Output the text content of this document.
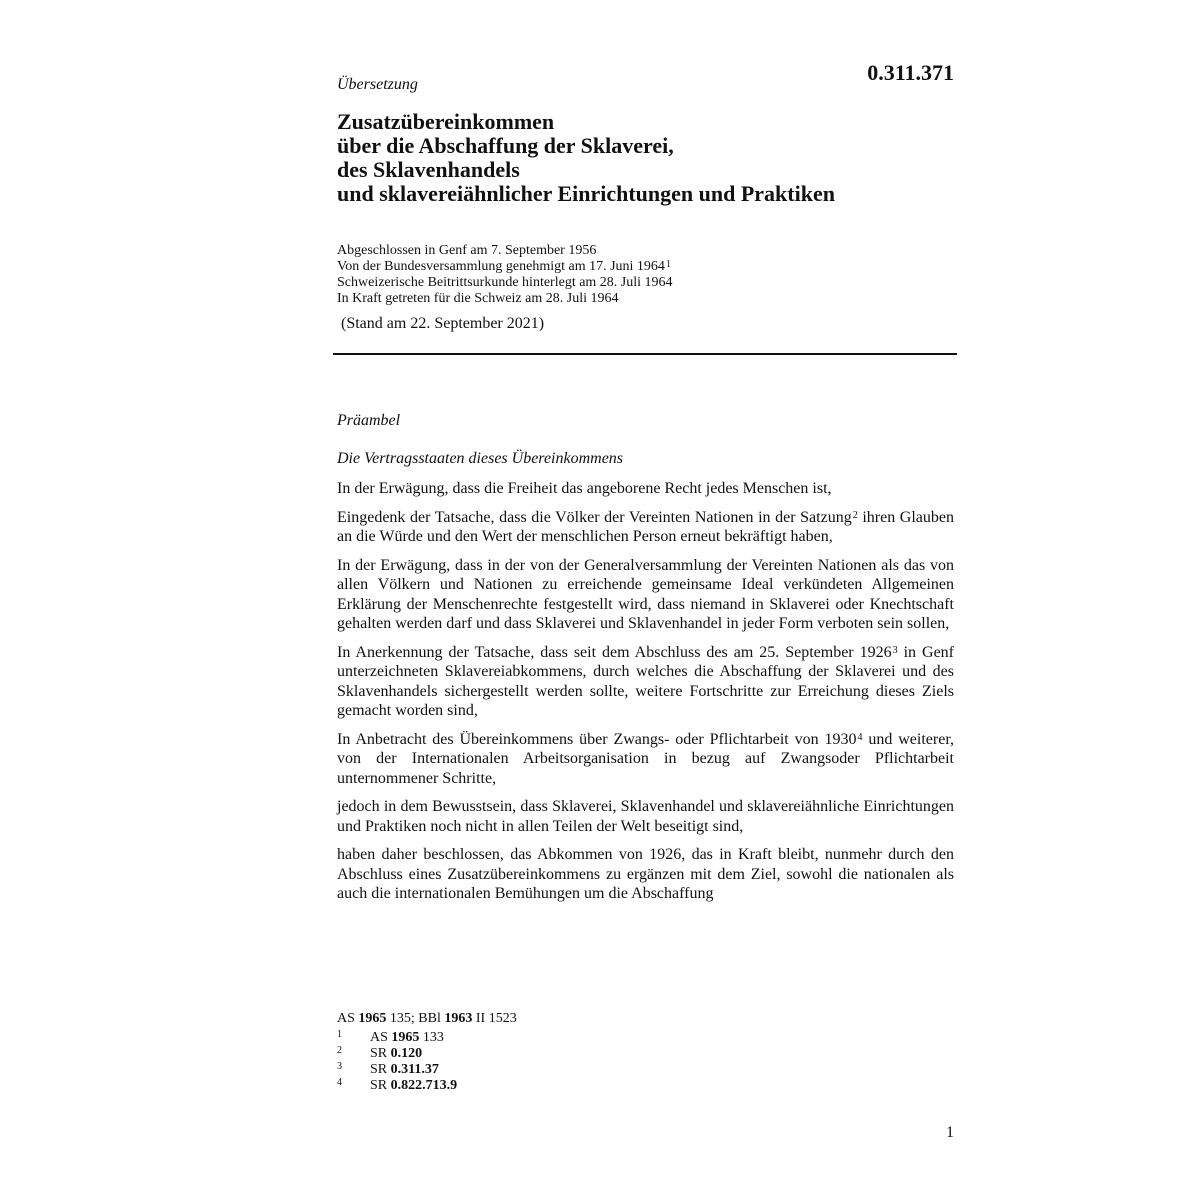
0.311.371
Übersetzung
Zusatzübereinkommen
über die Abschaffung der Sklaverei,
des Sklavenhandels
und sklavereiähnlicher Einrichtungen und Praktiken
Abgeschlossen in Genf am 7. September 1956
Von der Bundesversammlung genehmigt am 17. Juni 1964$^1$
Schweizerische Beitrittsurkunde hinterlegt am 28. Juli 1964
In Kraft getreten für die Schweiz am 28. Juli 1964
(Stand am 22. September 2021)
Präambel
Die Vertragsstaaten dieses Übereinkommens

In der Erwägung, dass die Freiheit das angeborene Recht jedes Menschen ist,

Eingedenk der Tatsache, dass die Völker der Vereinten Nationen in der Satzung$^2$ ihren Glauben an die Würde und den Wert der menschlichen Person erneut bekräftigt haben,

In der Erwägung, dass in der von der Generalversammlung der Vereinten Nationen als das von allen Völkern und Nationen zu erreichende gemeinsame Ideal verkündeten Allgemeinen Erklärung der Menschenrechte festgestellt wird, dass niemand in Sklaverei oder Knechtschaft gehalten werden darf und dass Sklaverei und Sklavenhandel in jeder Form verboten sein sollen,

In Anerkennung der Tatsache, dass seit dem Abschluss des am 25. September 1926$^3$ in Genf unterzeichneten Sklavereiabkommens, durch welches die Abschaffung der Sklaverei und des Sklavenhandels sichergestellt werden sollte, weitere Fortschritte zur Erreichung dieses Ziels gemacht worden sind,

In Anbetracht des Übereinkommens über Zwangs- oder Pflichtarbeit von 1930$^4$ und weiterer, von der Internationalen Arbeitsorganisation in bezug auf Zwangsoder Pflichtarbeit unternommener Schritte,

jedoch in dem Bewusstsein, dass Sklaverei, Sklavenhandel und sklavereiähnliche Einrichtungen und Praktiken noch nicht in allen Teilen der Welt beseitigt sind,

haben daher beschlossen, das Abkommen von 1926, das in Kraft bleibt, nunmehr durch den Abschluss eines Zusatzübereinkommens zu ergänzen mit dem Ziel, sowohl die nationalen als auch die internationalen Bemühungen um die Abschaffung

AS 1965 135; BBl 1963 II 1523
1 AS 1965 133
2 SR 0.120
3 SR 0.311.37
4 SR 0.822.713.9
1
